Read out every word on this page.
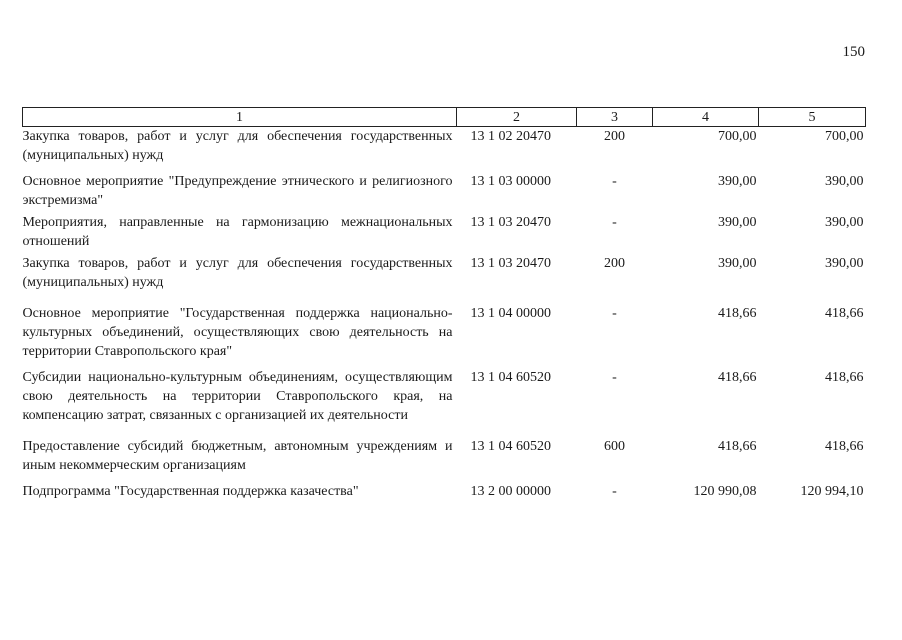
150
1	2	3	4	5
Закупка товаров, работ и услуг для обеспечения государственных (муниципальных) нужд	13 1 02 20470	200	700,00	700,00
Основное мероприятие "Предупреждение этнического и религиозного экстремизма"	13 1 03 00000	-	390,00	390,00
Мероприятия, направленные на гармонизацию межнациональных отношений	13 1 03 20470	-	390,00	390,00
Закупка товаров, работ и услуг для обеспечения государственных (муниципальных) нужд	13 1 03 20470	200	390,00	390,00
Основное мероприятие "Государственная поддержка национально-культурных объединений, осуществляющих свою деятельность на территории Ставропольского края"	13 1 04 00000	-	418,66	418,66
Субсидии национально-культурным объединениям, осуществляющим свою деятельность на территории Ставропольского края, на компенсацию затрат, связанных с организацией их деятельности	13 1 04 60520	-	418,66	418,66
Предоставление субсидий бюджетным, автономным учреждениям и иным некоммерческим организациям	13 1 04 60520	600	418,66	418,66
Подпрограмма "Государственная поддержка казачества"	13 2 00 00000	-	120 990,08	120 994,10
